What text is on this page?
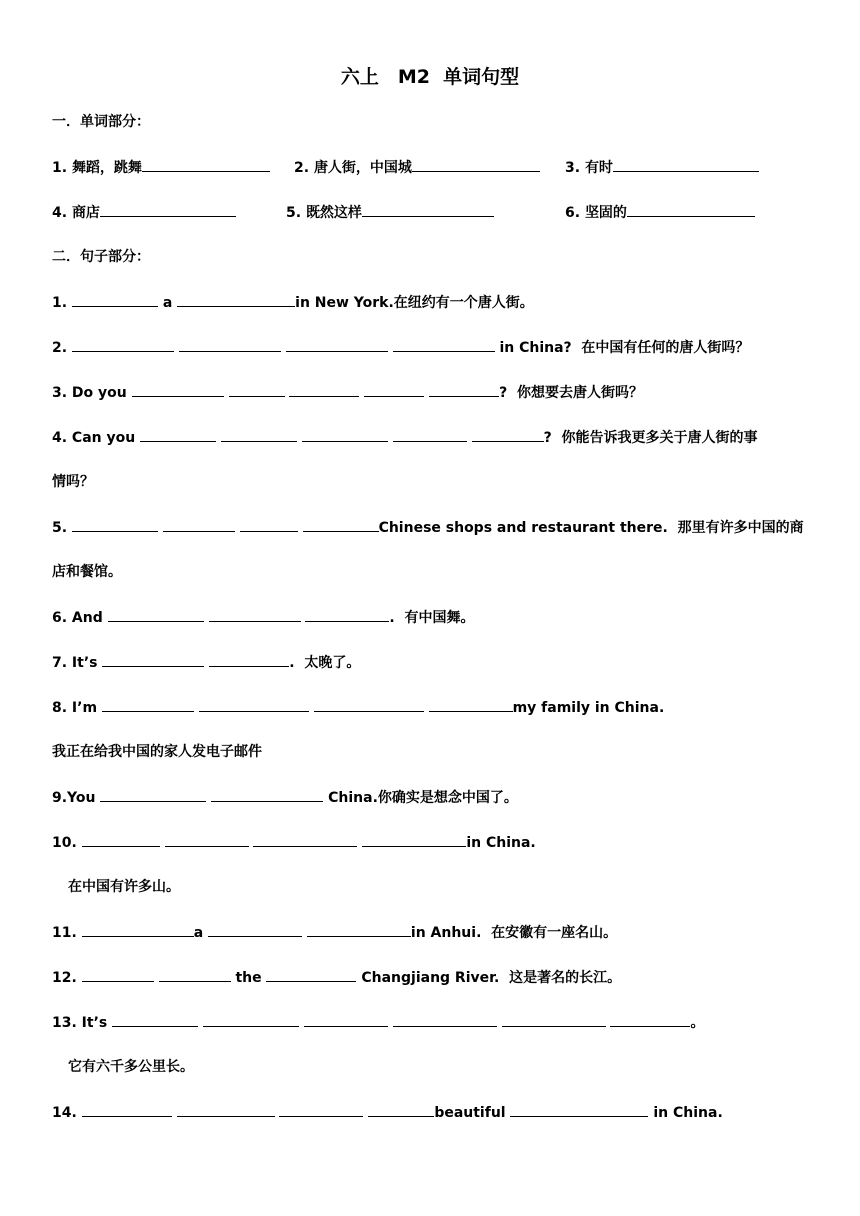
六上　M2  单词句型
一．单词部分：
1. 舞蹈，跳舞	2. 唐人街，中国城	3. 有时
4. 商店	5. 既然这样	6. 坚固的
二．句子部分：
1.	a	in New York.在纽约有一个唐人街。
2.	in China?  在中国有任何的唐人街吗？
3. Do you	?  你想要去唐人街吗？
4. Can you	?  你能告诉我更多关于唐人街的事
情吗？
5.	Chinese shops and restaurant there.  那里有许多中国的商
店和餐馆。
6. And	.  有中国舞。
7. It’s	.  太晚了。
8. I’m	my family in China.
我正在给我中国的家人发电子邮件
9.You	China.你确实是想念中国了。
10.	in China.
在中国有许多山。
11.	a	in Anhui.  在安徽有一座名山。
12.	the	Changjiang River.  这是著名的长江。
13. It’s	。
它有六千多公里长。
14.	beautiful	in China.
